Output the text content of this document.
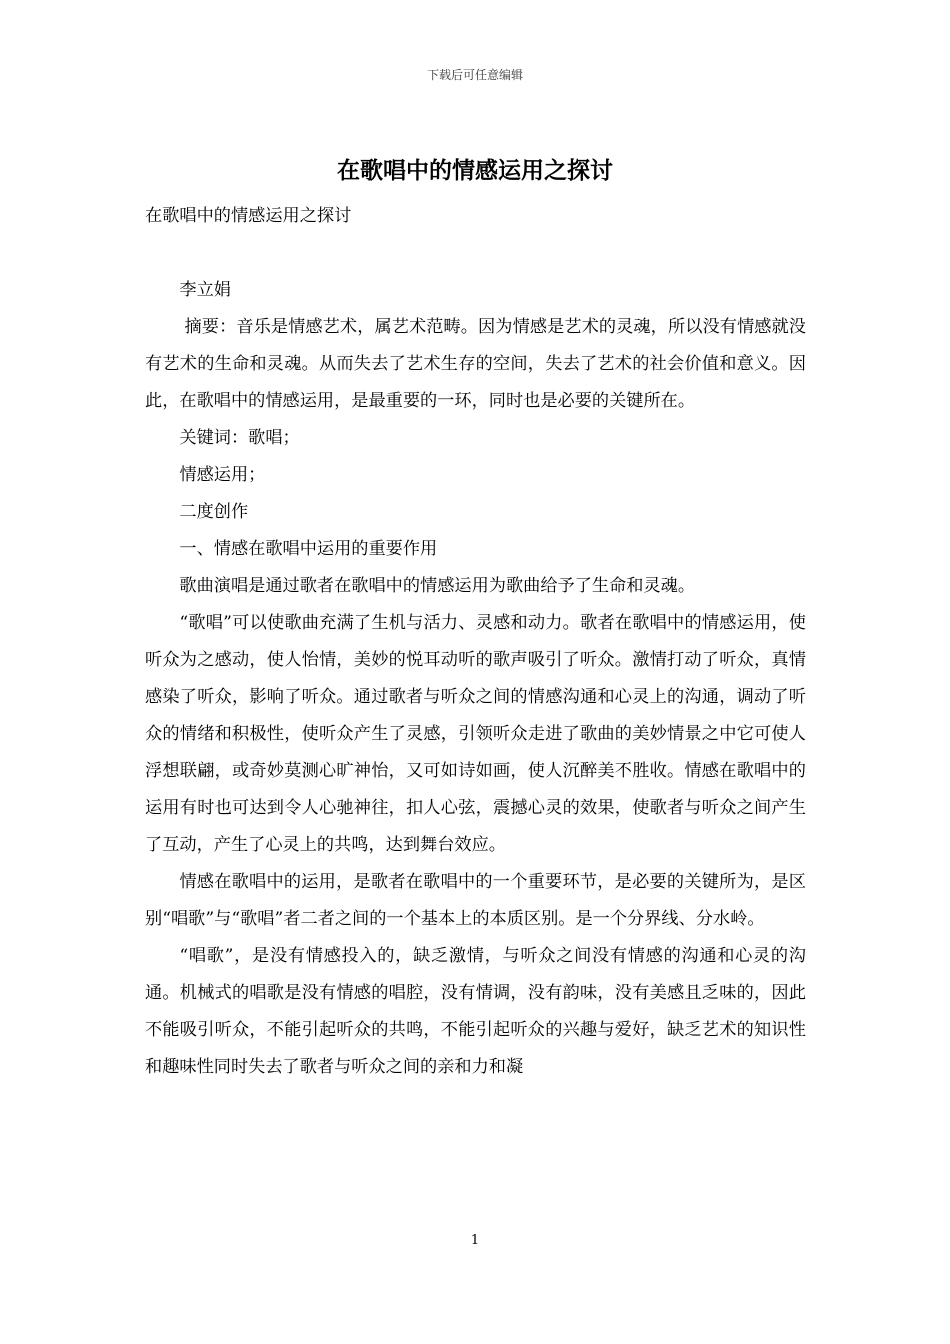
下载后可任意编辑
在歌唱中的情感运用之探讨

在歌唱中的情感运用之探讨

李立娟

摘要：音乐是情感艺术，属艺术范畴。因为情感是艺术的灵魂，所以没有情感就没有艺术的生命和灵魂。从而失去了艺术生存的空间，失去了艺术的社会价值和意义。因此，在歌唱中的情感运用，是最重要的一环，同时也是必要的关键所在。

关键词：歌唱；

情感运用；

二度创作

一、情感在歌唱中运用的重要作用

歌曲演唱是通过歌者在歌唱中的情感运用为歌曲给予了生命和灵魂。

“歌唱”可以使歌曲充满了生机与活力、灵感和动力。歌者在歌唱中的情感运用，使听众为之感动，使人怡情，美妙的悦耳动听的歌声吸引了听众。激情打动了听众，真情感染了听众，影响了听众。通过歌者与听众之间的情感沟通和心灵上的沟通，调动了听众的情绪和积极性，使听众产生了灵感，引领听众走进了歌曲的美妙情景之中它可使人浮想联翩，或奇妙莫测心旷神怡，又可如诗如画，使人沉醉美不胜收。情感在歌唱中的运用有时也可达到令人心驰神往，扣人心弦，震撼心灵的效果，使歌者与听众之间产生了互动，产生了心灵上的共鸣，达到舞台效应。

情感在歌唱中的运用，是歌者在歌唱中的一个重要环节，是必要的关键所为，是区别“唱歌”与“歌唱”者二者之间的一个基本上的本质区别。是一个分界线、分水岭。

“唱歌”，是没有情感投入的，缺乏激情，与听众之间没有情感的沟通和心灵的沟通。机械式的唱歌是没有情感的唱腔，没有情调，没有韵味，没有美感且乏味的，因此不能吸引听众，不能引起听众的共鸣，不能引起听众的兴趣与爱好，缺乏艺术的知识性和趣味性同时失去了歌者与听众之间的亲和力和凝

1
